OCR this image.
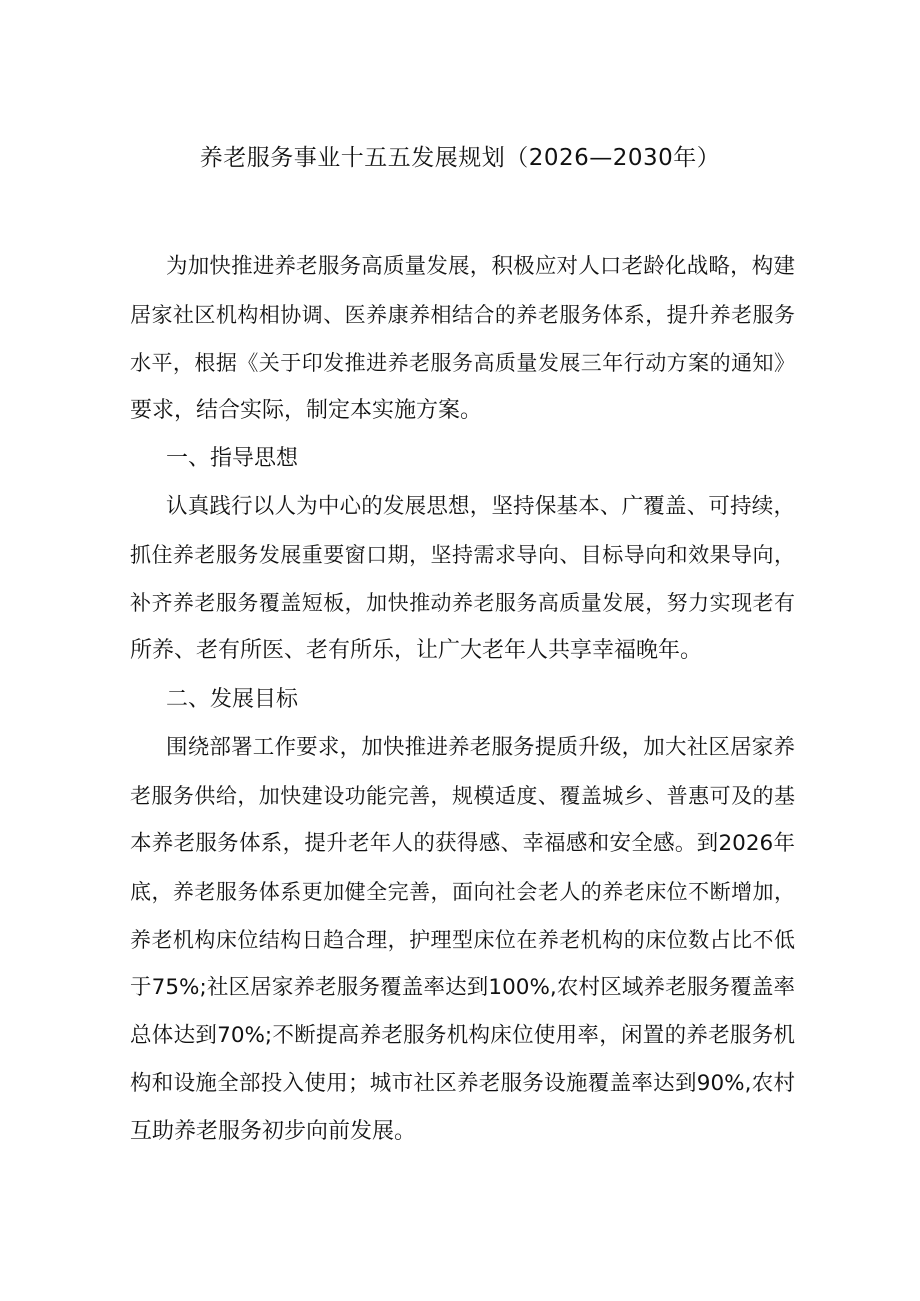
养老服务事业十五五发展规划（2026—2030年）
为加快推进养老服务高质量发展，积极应对人口老龄化战略，构建
居家社区机构相协调、医养康养相结合的养老服务体系，提升养老服务
水平，根据《关于印发推进养老服务高质量发展三年行动方案的通知》
要求，结合实际，制定本实施方案。
一、指导思想
认真践行以人为中心的发展思想，坚持保基本、广覆盖、可持续，
抓住养老服务发展重要窗口期，坚持需求导向、目标导向和效果导向，
补齐养老服务覆盖短板，加快推动养老服务高质量发展，努力实现老有
所养、老有所医、老有所乐，让广大老年人共享幸福晚年。
二、发展目标
围绕部署工作要求，加快推进养老服务提质升级，加大社区居家养
老服务供给，加快建设功能完善，规模适度、覆盖城乡、普惠可及的基
本养老服务体系，提升老年人的获得感、幸福感和安全感。到2026年
底，养老服务体系更加健全完善，面向社会老人的养老床位不断增加，
养老机构床位结构日趋合理，护理型床位在养老机构的床位数占比不低
于75%;社区居家养老服务覆盖率达到100%,农村区域养老服务覆盖率
总体达到70%;不断提高养老服务机构床位使用率，闲置的养老服务机
构和设施全部投入使用；城市社区养老服务设施覆盖率达到90%,农村
互助养老服务初步向前发展。
